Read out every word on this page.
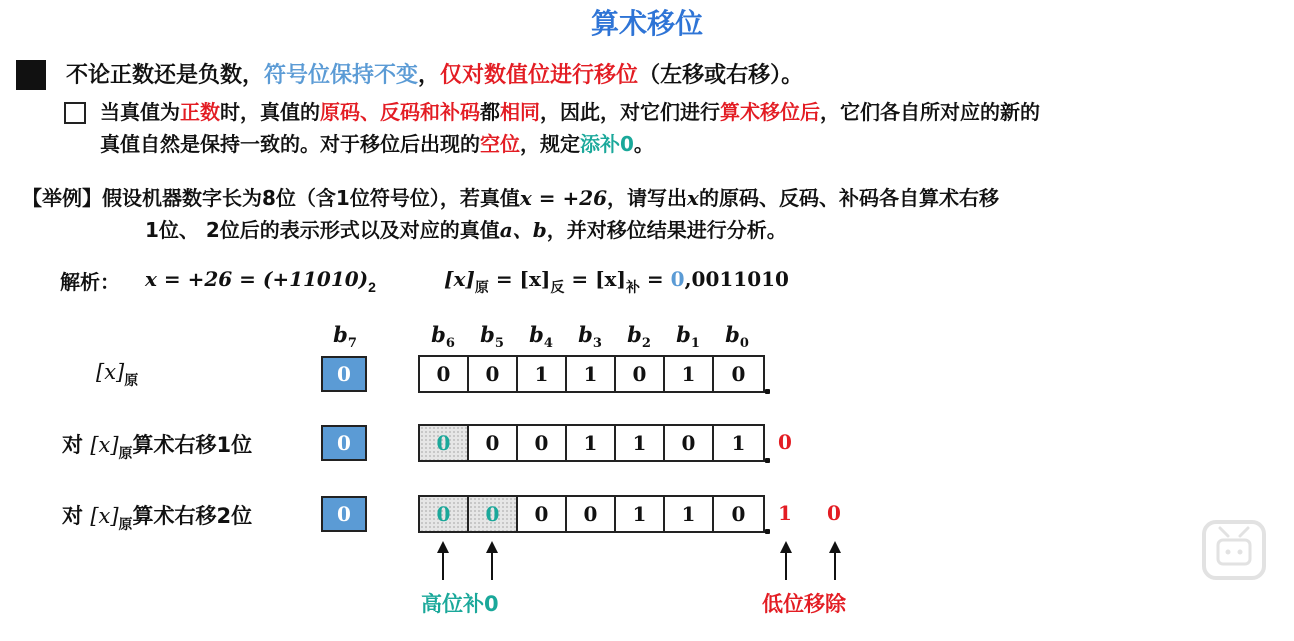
算术移位
不论正数还是负数，符号位保持不变，仅对数值位进行移位（左移或右移）。
当真值为正数时，真值的原码、反码和补码都相同，因此，对它们进行算术移位后，它们各自所对应的新的
真值自然是保持一致的。对于移位后出现的空位，规定添补0。
【举例】假设机器数字长为8位（含1位符号位），若真值x = +26，请写出x的原码、反码、补码各自算术右移
1位、 2位后的表示形式以及对应的真值a、b，并对移位结果进行分析。
解析： $x = +26 = (+11010)_2$	$[x]_原 = [x]_反 = [x]_补 = 0,0011010$
$b_7$	$b_6$	$b_5$	$b_4$	$b_3$	$b_2$	$b_1$	$b_0$
$[x]_原$	0	0	0	1	1	0	1	0
对 $[x]_原$算术右移1位	0	0	0	0	1	1	0	1	0
对 $[x]_原$算术右移2位	0	0	0	0	0	1	1	0	1 0
高位补0	低位移除
